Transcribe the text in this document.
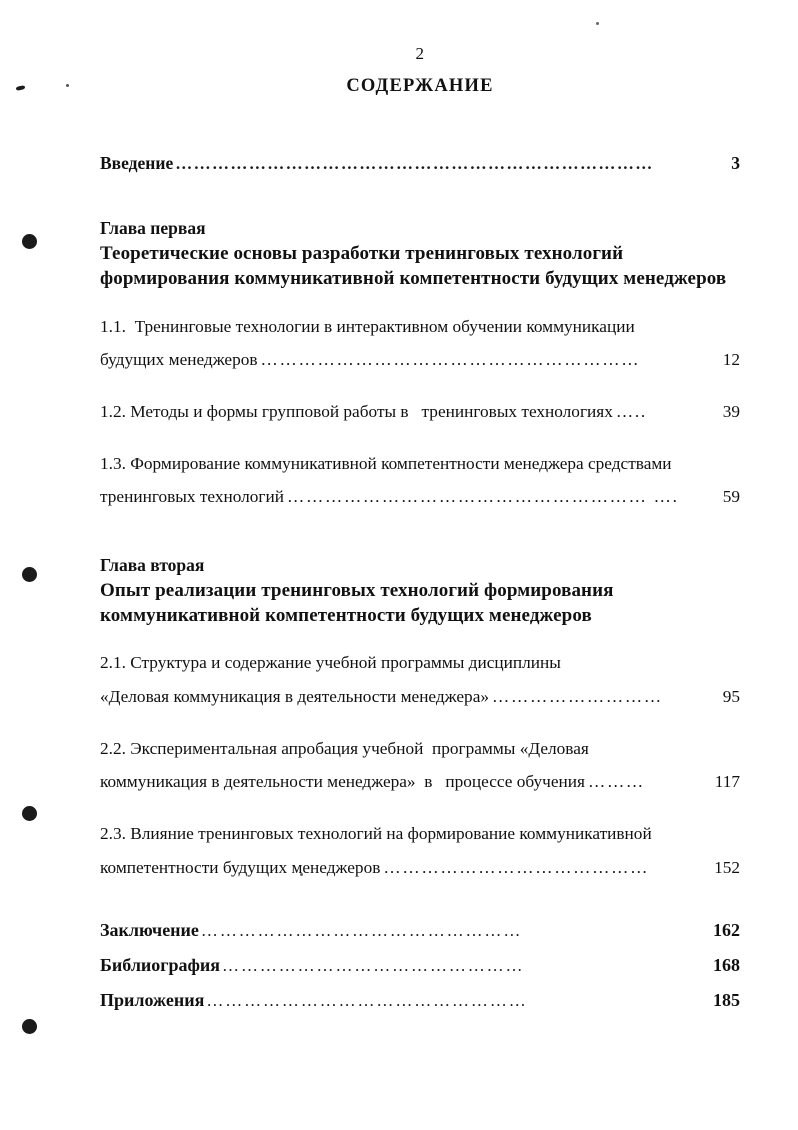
2
СОДЕРЖАНИЕ
Введение ……………………………………………………………………	3
Глава первая
Теоретические основы разработки тренинговых технологий формирования коммуникативной компетентности будущих менеджеров
1.1.  Тренинговые технологии в интерактивном обучении коммуникации
будущих менеджеров ……………………………………………………	12
1.2. Методы и формы групповой работы в   тренинговых технологиях …..	39
1.3. Формирование коммуникативной компетентности менеджера средствами
тренинговых технологий ………………………………………………… ….	59
Глава вторая
Опыт реализации тренинговых технологий формирования коммуникативной компетентности будущих менеджеров
2.1. Структура и содержание учебной программы дисциплины
«Деловая коммуникация в деятельности менеджера» ………………………	95
2.2. Экспериментальная апробация учебной  программы «Деловая
коммуникация в деятельности менеджера»  в   процессе обучения ………	117
2.3. Влияние тренинговых технологий на формирование коммуникативной
компетентности будущих менеджеров ……………………………………	152
Заключение ……………………………………………	162
Библиография …………………………………………	168
Приложения ……………………………………………	185
